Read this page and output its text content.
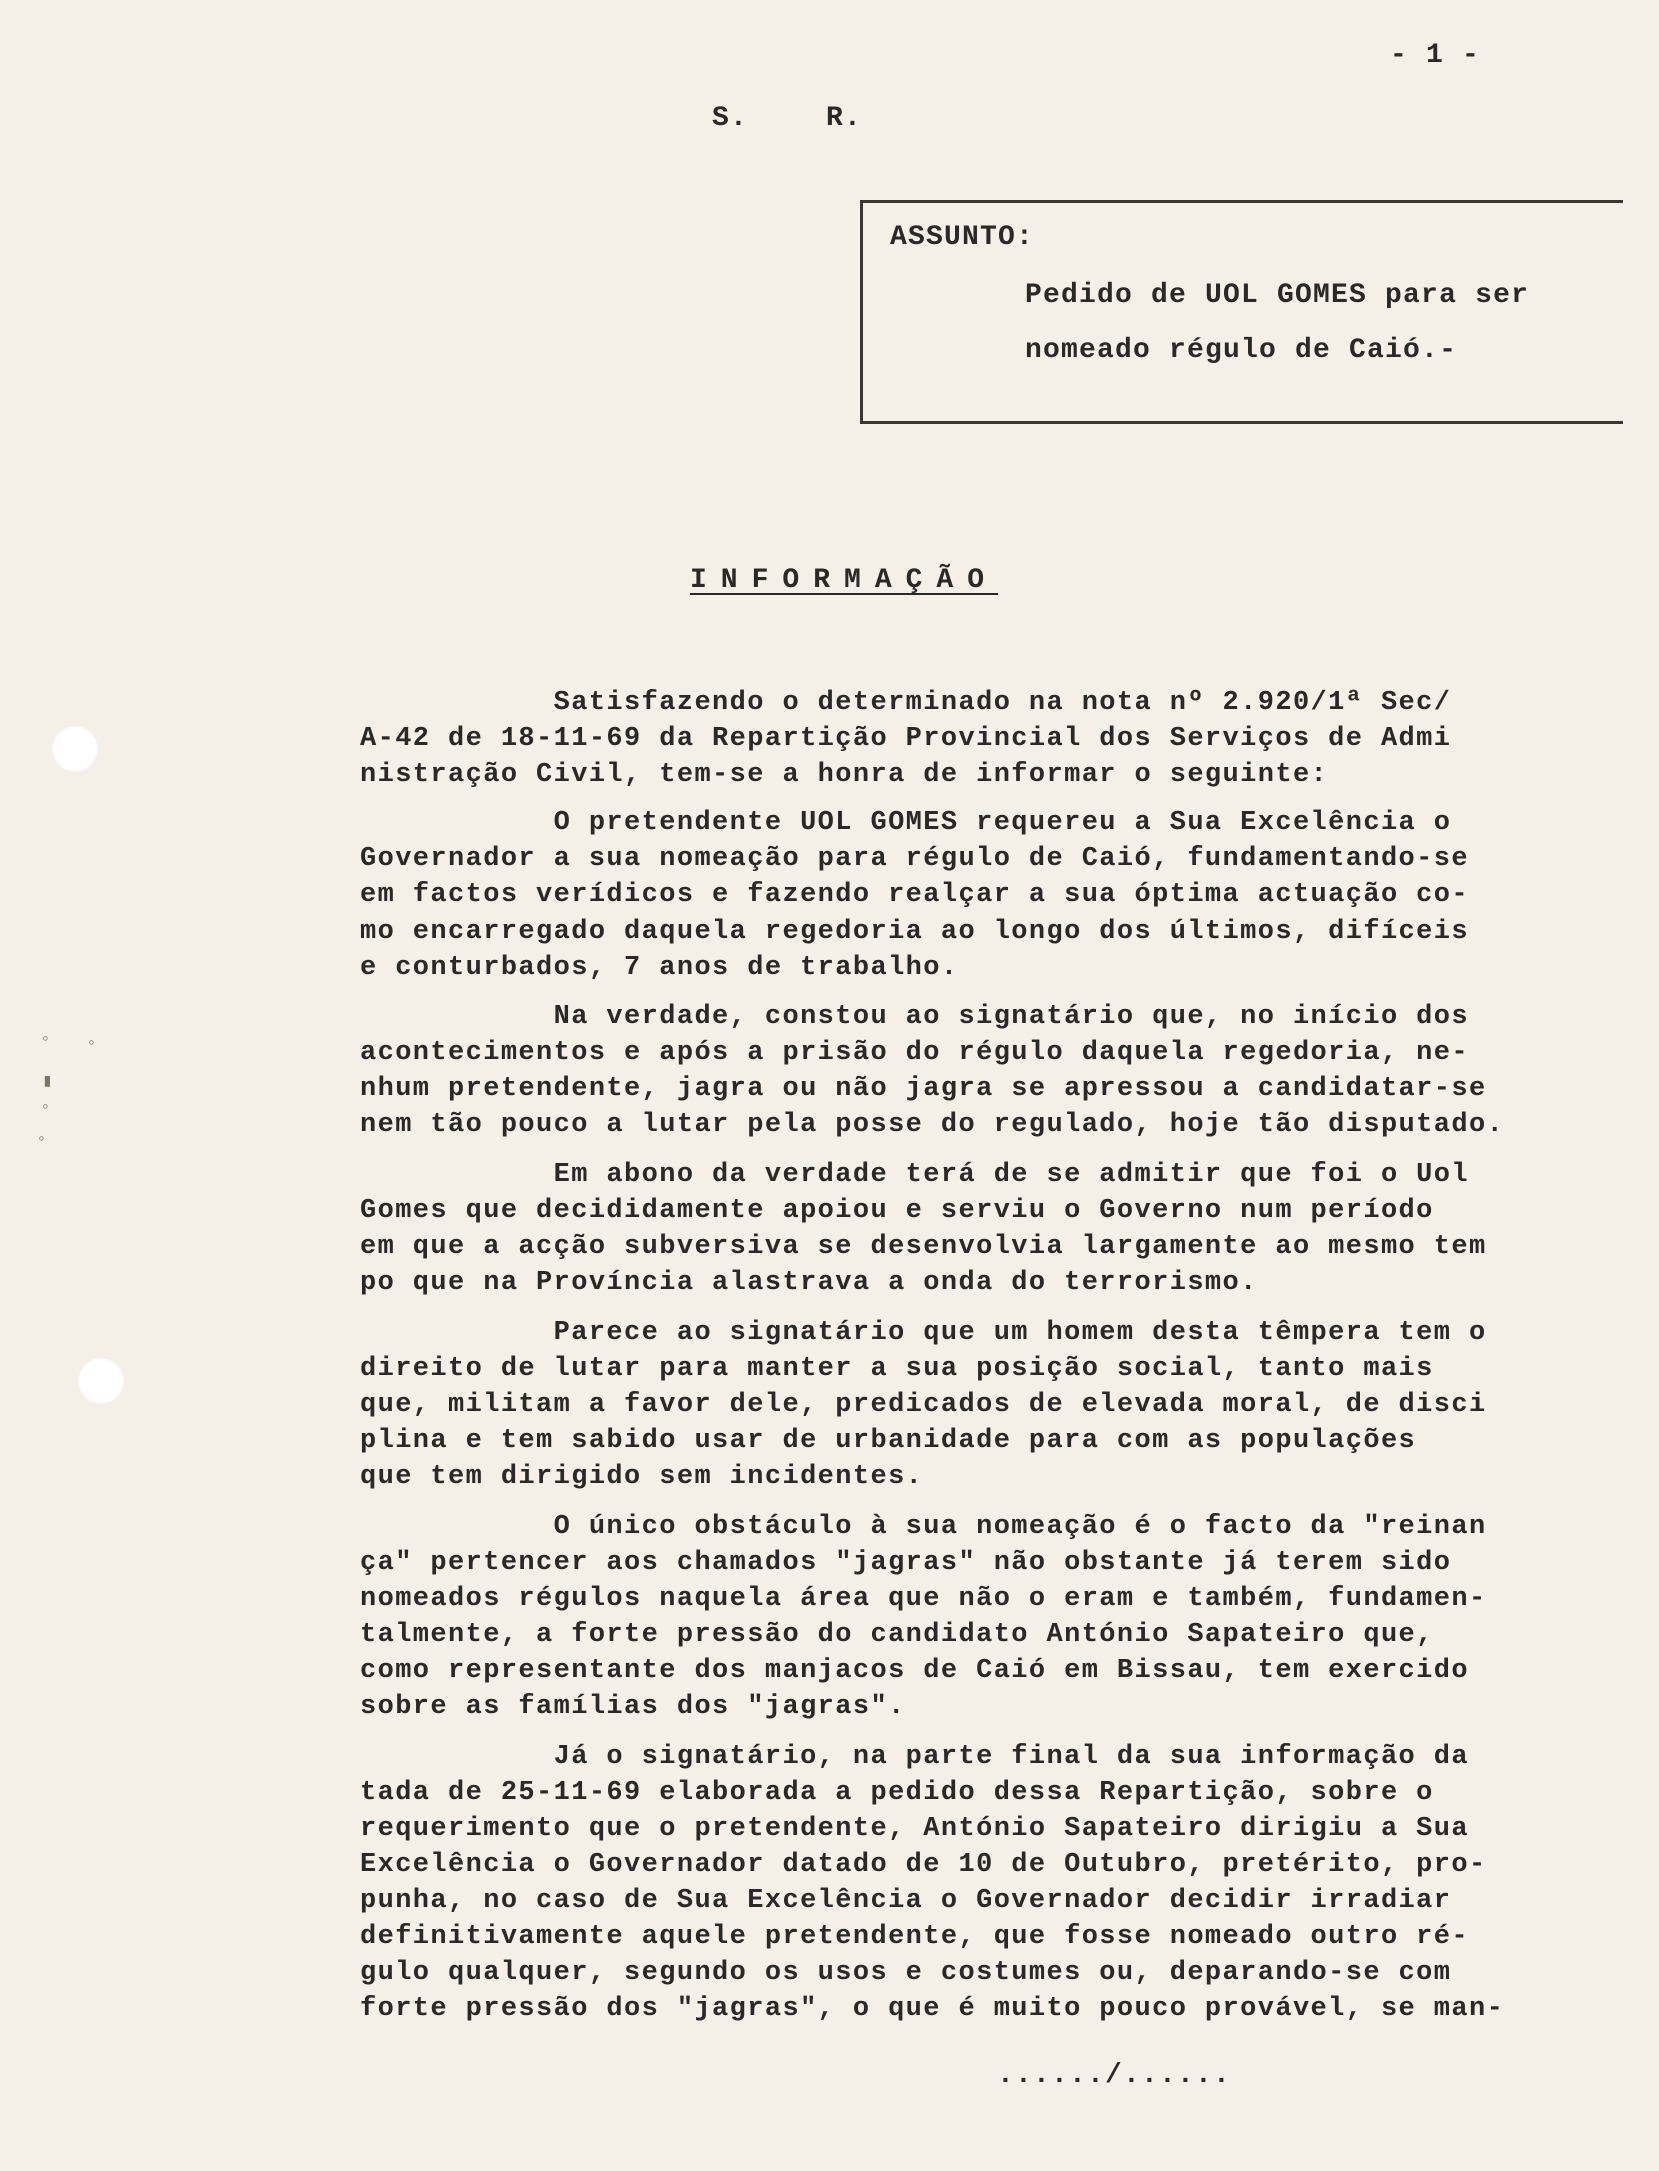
◦ ◦
▮
◦
◦
- 1 -
S. R.
ASSUNTO:
Pedido de UOL GOMES para ser
nomeado régulo de Caió.-
INFORMAÇÃO
Satisfazendo o determinado na nota nº 2.920/1ª Sec/
A-42 de 18-11-69 da Repartição Provincial dos Serviços de Admi
nistração Civil, tem-se a honra de informar o seguinte:
O pretendente UOL GOMES requereu a Sua Excelência o
Governador a sua nomeação para régulo de Caió, fundamentando-se
em factos verídicos e fazendo realçar a sua óptima actuação co-
mo encarregado daquela regedoria ao longo dos últimos, difíceis
e conturbados, 7 anos de trabalho.
Na verdade, constou ao signatário que, no início dos
acontecimentos e após a prisão do régulo daquela regedoria, ne-
nhum pretendente, jagra ou não jagra se apressou a candidatar-se
nem tão pouco a lutar pela posse do regulado, hoje tão disputado.
Em abono da verdade terá de se admitir que foi o Uol
Gomes que decididamente apoiou e serviu o Governo num período
em que a acção subversiva se desenvolvia largamente ao mesmo tem
po que na Província alastrava a onda do terrorismo.
Parece ao signatário que um homem desta têmpera tem o
direito de lutar para manter a sua posição social, tanto mais
que, militam a favor dele, predicados de elevada moral, de disci
plina e tem sabido usar de urbanidade para com as populações
que tem dirigido sem incidentes.
O único obstáculo à sua nomeação é o facto da "reinan
ça" pertencer aos chamados "jagras" não obstante já terem sido
nomeados régulos naquela área que não o eram e também, fundamen-
talmente, a forte pressão do candidato António Sapateiro que,
como representante dos manjacos de Caió em Bissau, tem exercido
sobre as famílias dos "jagras".
Já o signatário, na parte final da sua informação da
tada de 25-11-69 elaborada a pedido dessa Repartição, sobre o
requerimento que o pretendente, António Sapateiro dirigiu a Sua
Excelência o Governador datado de 10 de Outubro, pretérito, pro-
punha, no caso de Sua Excelência o Governador decidir irradiar
definitivamente aquele pretendente, que fosse nomeado outro ré-
gulo qualquer, segundo os usos e costumes ou, deparando-se com
forte pressão dos "jagras", o que é muito pouco provável, se man-
....../......
